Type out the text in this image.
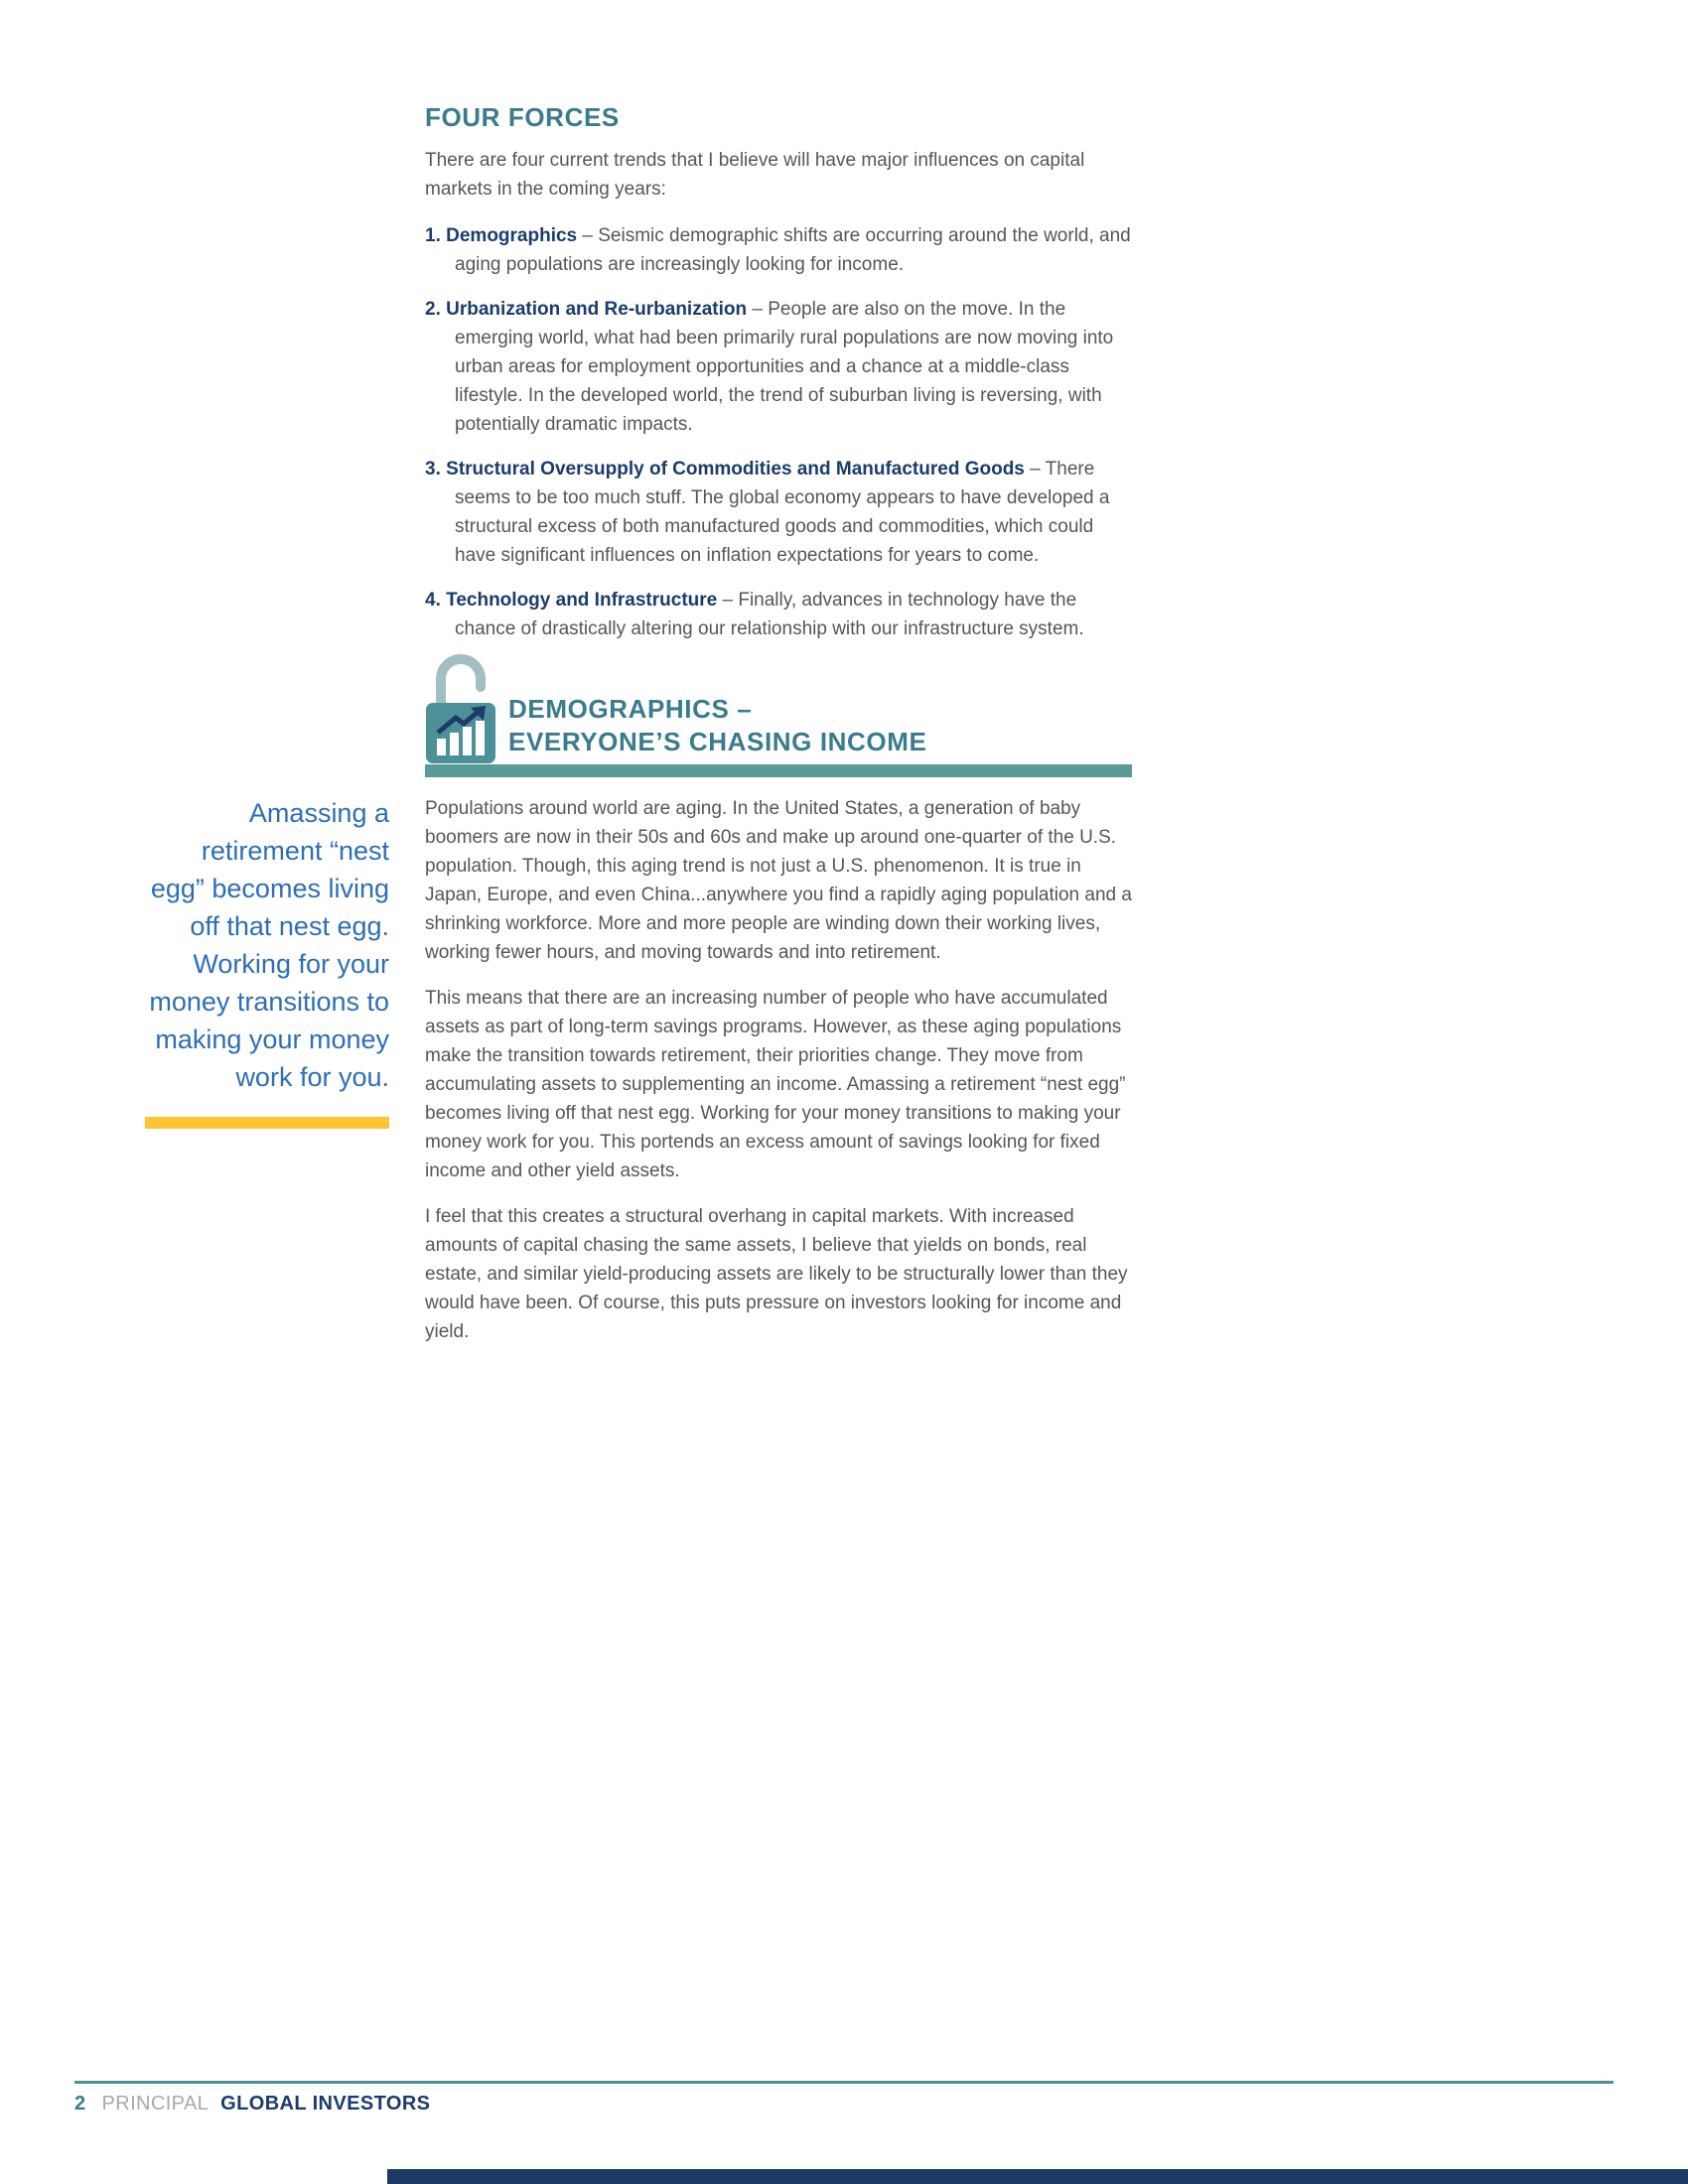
FOUR FORCES

There are four current trends that I believe will have major influences on capital markets in the coming years:

1. Demographics – Seismic demographic shifts are occurring around the world, and aging populations are increasingly looking for income.
2. Urbanization and Re-urbanization – People are also on the move. In the emerging world, what had been primarily rural populations are now moving into urban areas for employment opportunities and a chance at a middle-class lifestyle. In the developed world, the trend of suburban living is reversing, with potentially dramatic impacts.
3. Structural Oversupply of Commodities and Manufactured Goods – There seems to be too much stuff. The global economy appears to have developed a structural excess of both manufactured goods and commodities, which could have significant influences on inflation expectations for years to come.
4. Technology and Infrastructure – Finally, advances in technology have the chance of drastically altering our relationship with our infrastructure system.
DEMOGRAPHICS –
EVERYONE’S CHASING INCOME

Populations around world are aging. In the United States, a generation of baby boomers are now in their 50s and 60s and make up around one-quarter of the U.S. population. Though, this aging trend is not just a U.S. phenomenon. It is true in Japan, Europe, and even China...anywhere you find a rapidly aging population and a shrinking workforce. More and more people are winding down their working lives, working fewer hours, and moving towards and into retirement.

This means that there are an increasing number of people who have accumulated assets as part of long-term savings programs. However, as these aging populations make the transition towards retirement, their priorities change. They move from accumulating assets to supplementing an income. Amassing a retirement “nest egg” becomes living off that nest egg. Working for your money transitions to making your money work for you. This portends an excess amount of savings looking for fixed income and other yield assets.

I feel that this creates a structural overhang in capital markets. With increased amounts of capital chasing the same assets, I believe that yields on bonds, real estate, and similar yield-producing assets are likely to be structurally lower than they would have been. Of course, this puts pressure on investors looking for income and yield.

Amassing a
retirement “nest
egg” becomes living
off that nest egg.
Working for your
money transitions to
making your money
work for you.
2 PRINCIPAL GLOBAL INVESTORS
